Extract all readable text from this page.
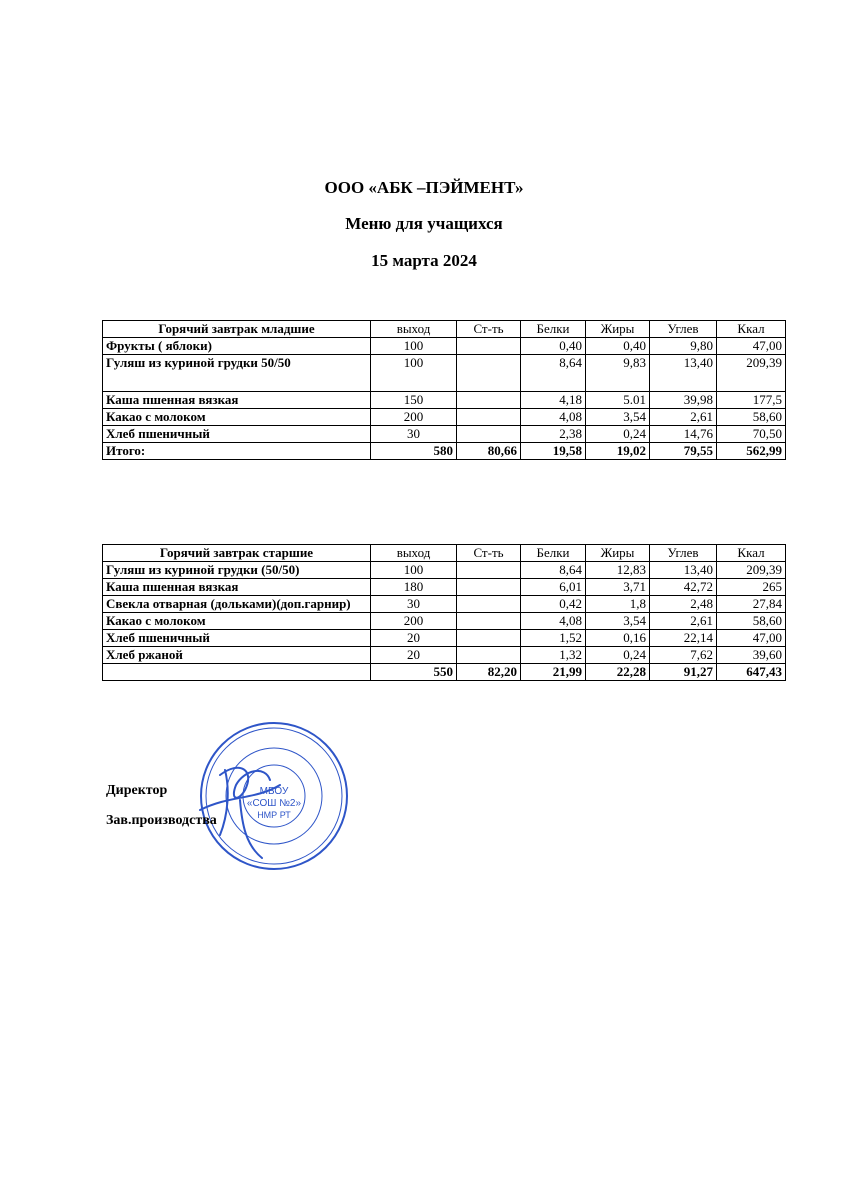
ООО «АБК –ПЭЙМЕНТ»
Меню для учащихся
15 марта 2024
Горячий завтрак младшие	выход	Ст-ть	Белки	Жиры	Углев	Ккал
Фрукты ( яблоки)	100		0,40	0,40	9,80	47,00
Гуляш из куриной грудки 50/50	100		8,64	9,83	13,40	209,39
Каша пшенная вязкая	150		4,18	5.01	39,98	177,5
Какао с молоком	200		4,08	3,54	2,61	58,60
Хлеб пшеничный	30		2,38	0,24	14,76	70,50
Итого:	580	80,66	19,58	19,02	79,55	562,99
Горячий завтрак старшие	выход	Ст-ть	Белки	Жиры	Углев	Ккал
Гуляш из куриной грудки (50/50)	100		8,64	12,83	13,40	209,39
Каша пшенная вязкая	180		6,01	3,71	42,72	265
Свекла отварная (дольками)(доп.гарнир)	30		0,42	1,8	2,48	27,84
Какао с молоком	200		4,08	3,54	2,61	58,60
Хлеб пшеничный	20		1,52	0,16	22,14	47,00
Хлеб ржаной	20		1,32	0,24	7,62	39,60
	550	82,20	21,99	22,28	91,27	647,43
МБОУ
«СОШ №2»
НМР РТ
Директор
Зав.производства
